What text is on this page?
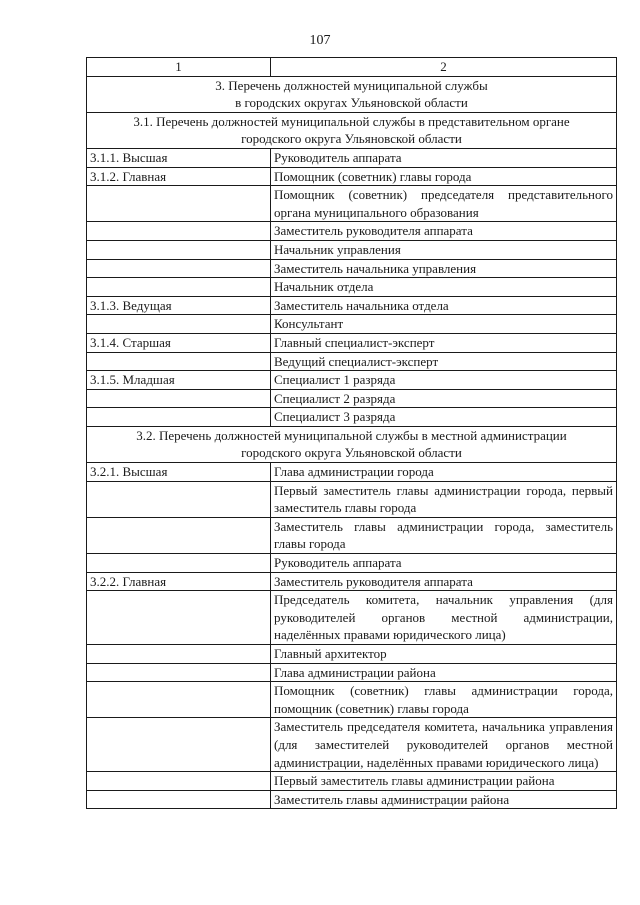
107
1	2
3. Перечень должностей муниципальной службы
в городских округах Ульяновской области	
3.1. Перечень должностей муниципальной службы в представительном органе
городского округа Ульяновской области	
3.1.1. Высшая	Руководитель аппарата
3.1.2. Главная	Помощник (советник) главы города
	Помощник (советник) председателя представительного органа муниципального образования
	Заместитель руководителя аппарата
	Начальник управления
	Заместитель начальника управления
	Начальник отдела
3.1.3. Ведущая	Заместитель начальника отдела
	Консультант
3.1.4. Старшая	Главный специалист-эксперт
	Ведущий специалист-эксперт
3.1.5. Младшая	Специалист 1 разряда
	Специалист 2 разряда
	Специалист 3 разряда
3.2. Перечень должностей муниципальной службы в местной администрации
городского округа Ульяновской области	
3.2.1. Высшая	Глава администрации города
	Первый заместитель главы администрации города, первый заместитель главы города
	Заместитель главы администрации города, заместитель главы города
	Руководитель аппарата
3.2.2. Главная	Заместитель руководителя аппарата
	Председатель комитета, начальник управления (для руководителей органов местной администрации, наделённых правами юридического лица)
	Главный архитектор
	Глава администрации района
	Помощник (советник) главы администрации города, помощник (советник) главы города
	Заместитель председателя комитета, начальника управления (для заместителей руководителей органов местной администрации, наделённых правами юридического лица)
	Первый заместитель главы администрации района
	Заместитель главы администрации района
